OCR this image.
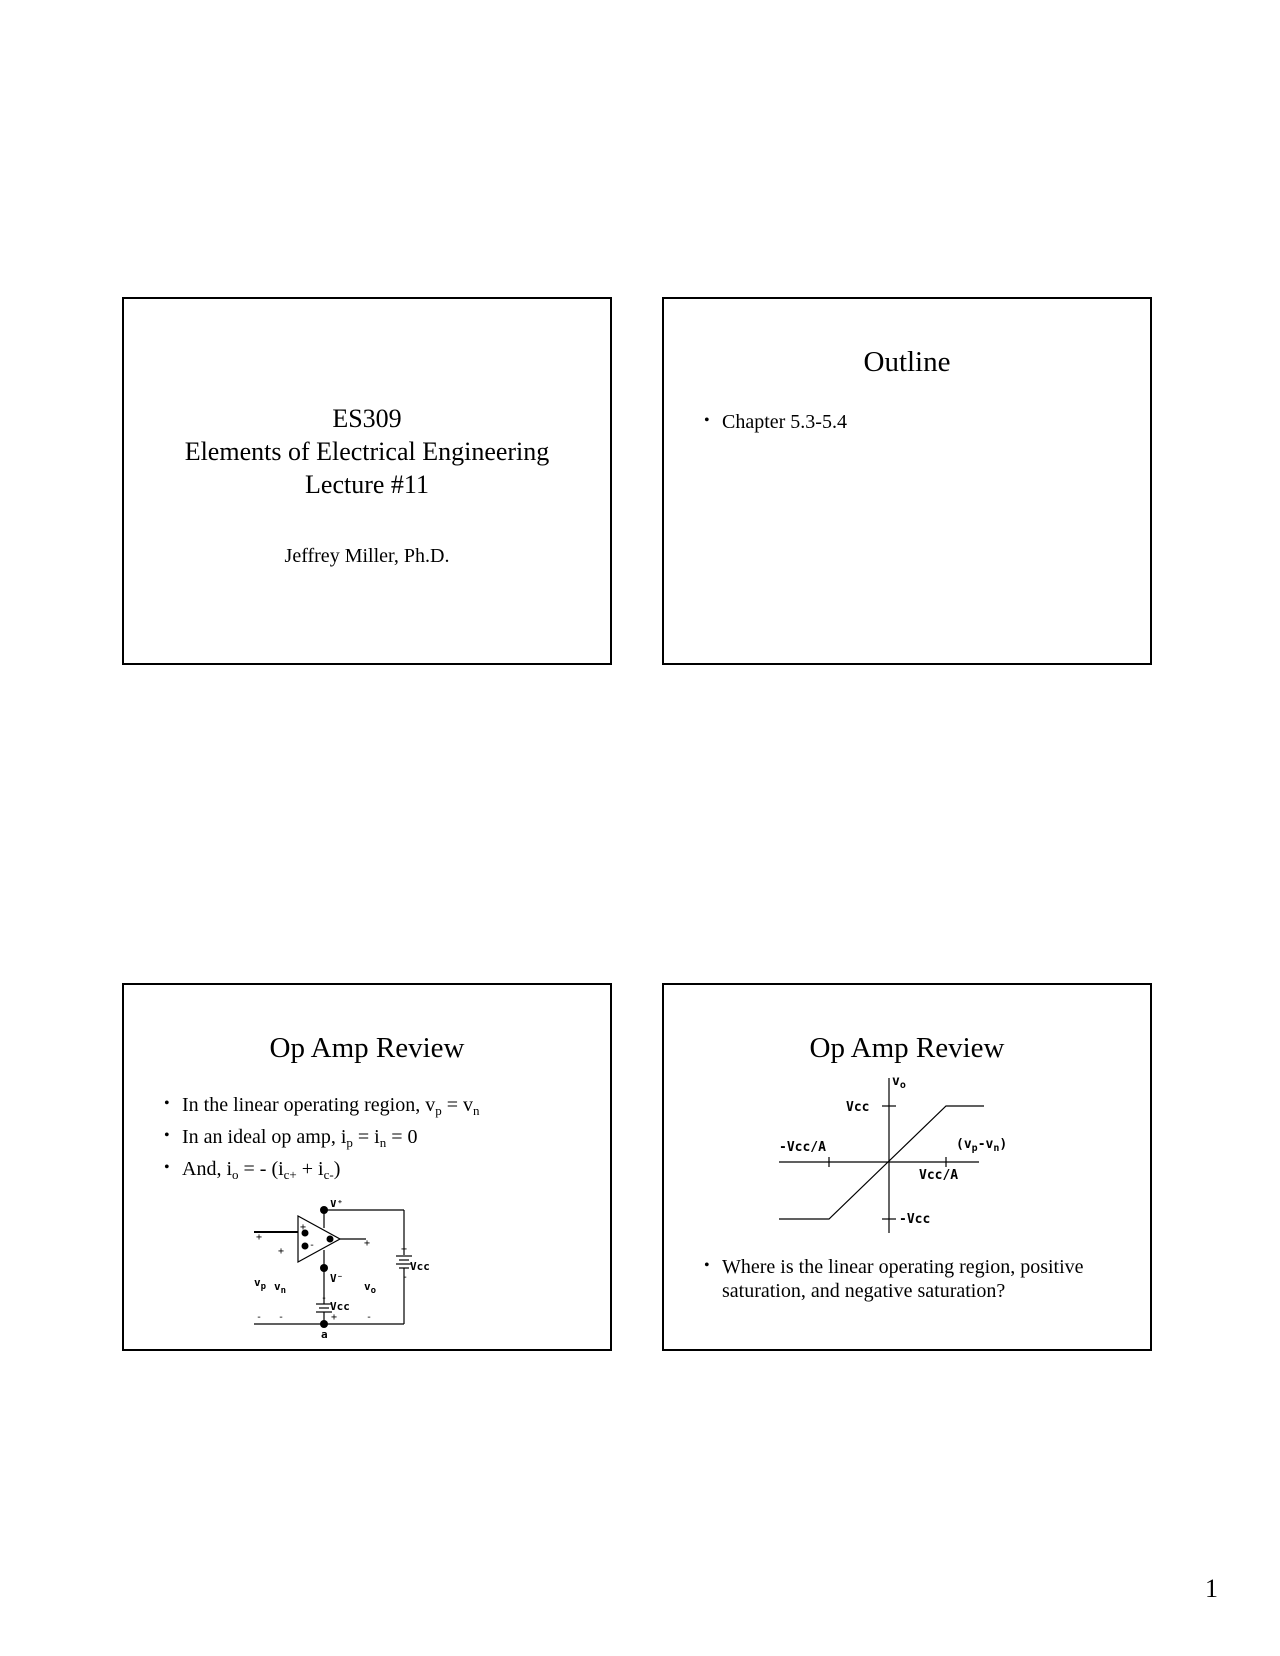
ES309
Elements of Electrical Engineering
Lecture #11
Jeffrey Miller, Ph.D.
Outline
• Chapter 5.3-5.4
Op Amp Review
• In the linear operating region, $v_p = v_n$
• In an ideal op amp, $i_p = i_n = 0$
• And, $i_o$ = - $(i_{c+} + i_{c-})$
V⁺
V⁻
Vcc
Vcc
$v_p$ $v_n$	$v_o$
a
+
-
+
+
+
+
-
-
+
- -	-
Op Amp Review
$v_o$
Vcc
-Vcc
-Vcc/A
Vcc/A
$(v_p-v_n)$
• Where is the linear operating region, positive saturation, and negative saturation?
1
